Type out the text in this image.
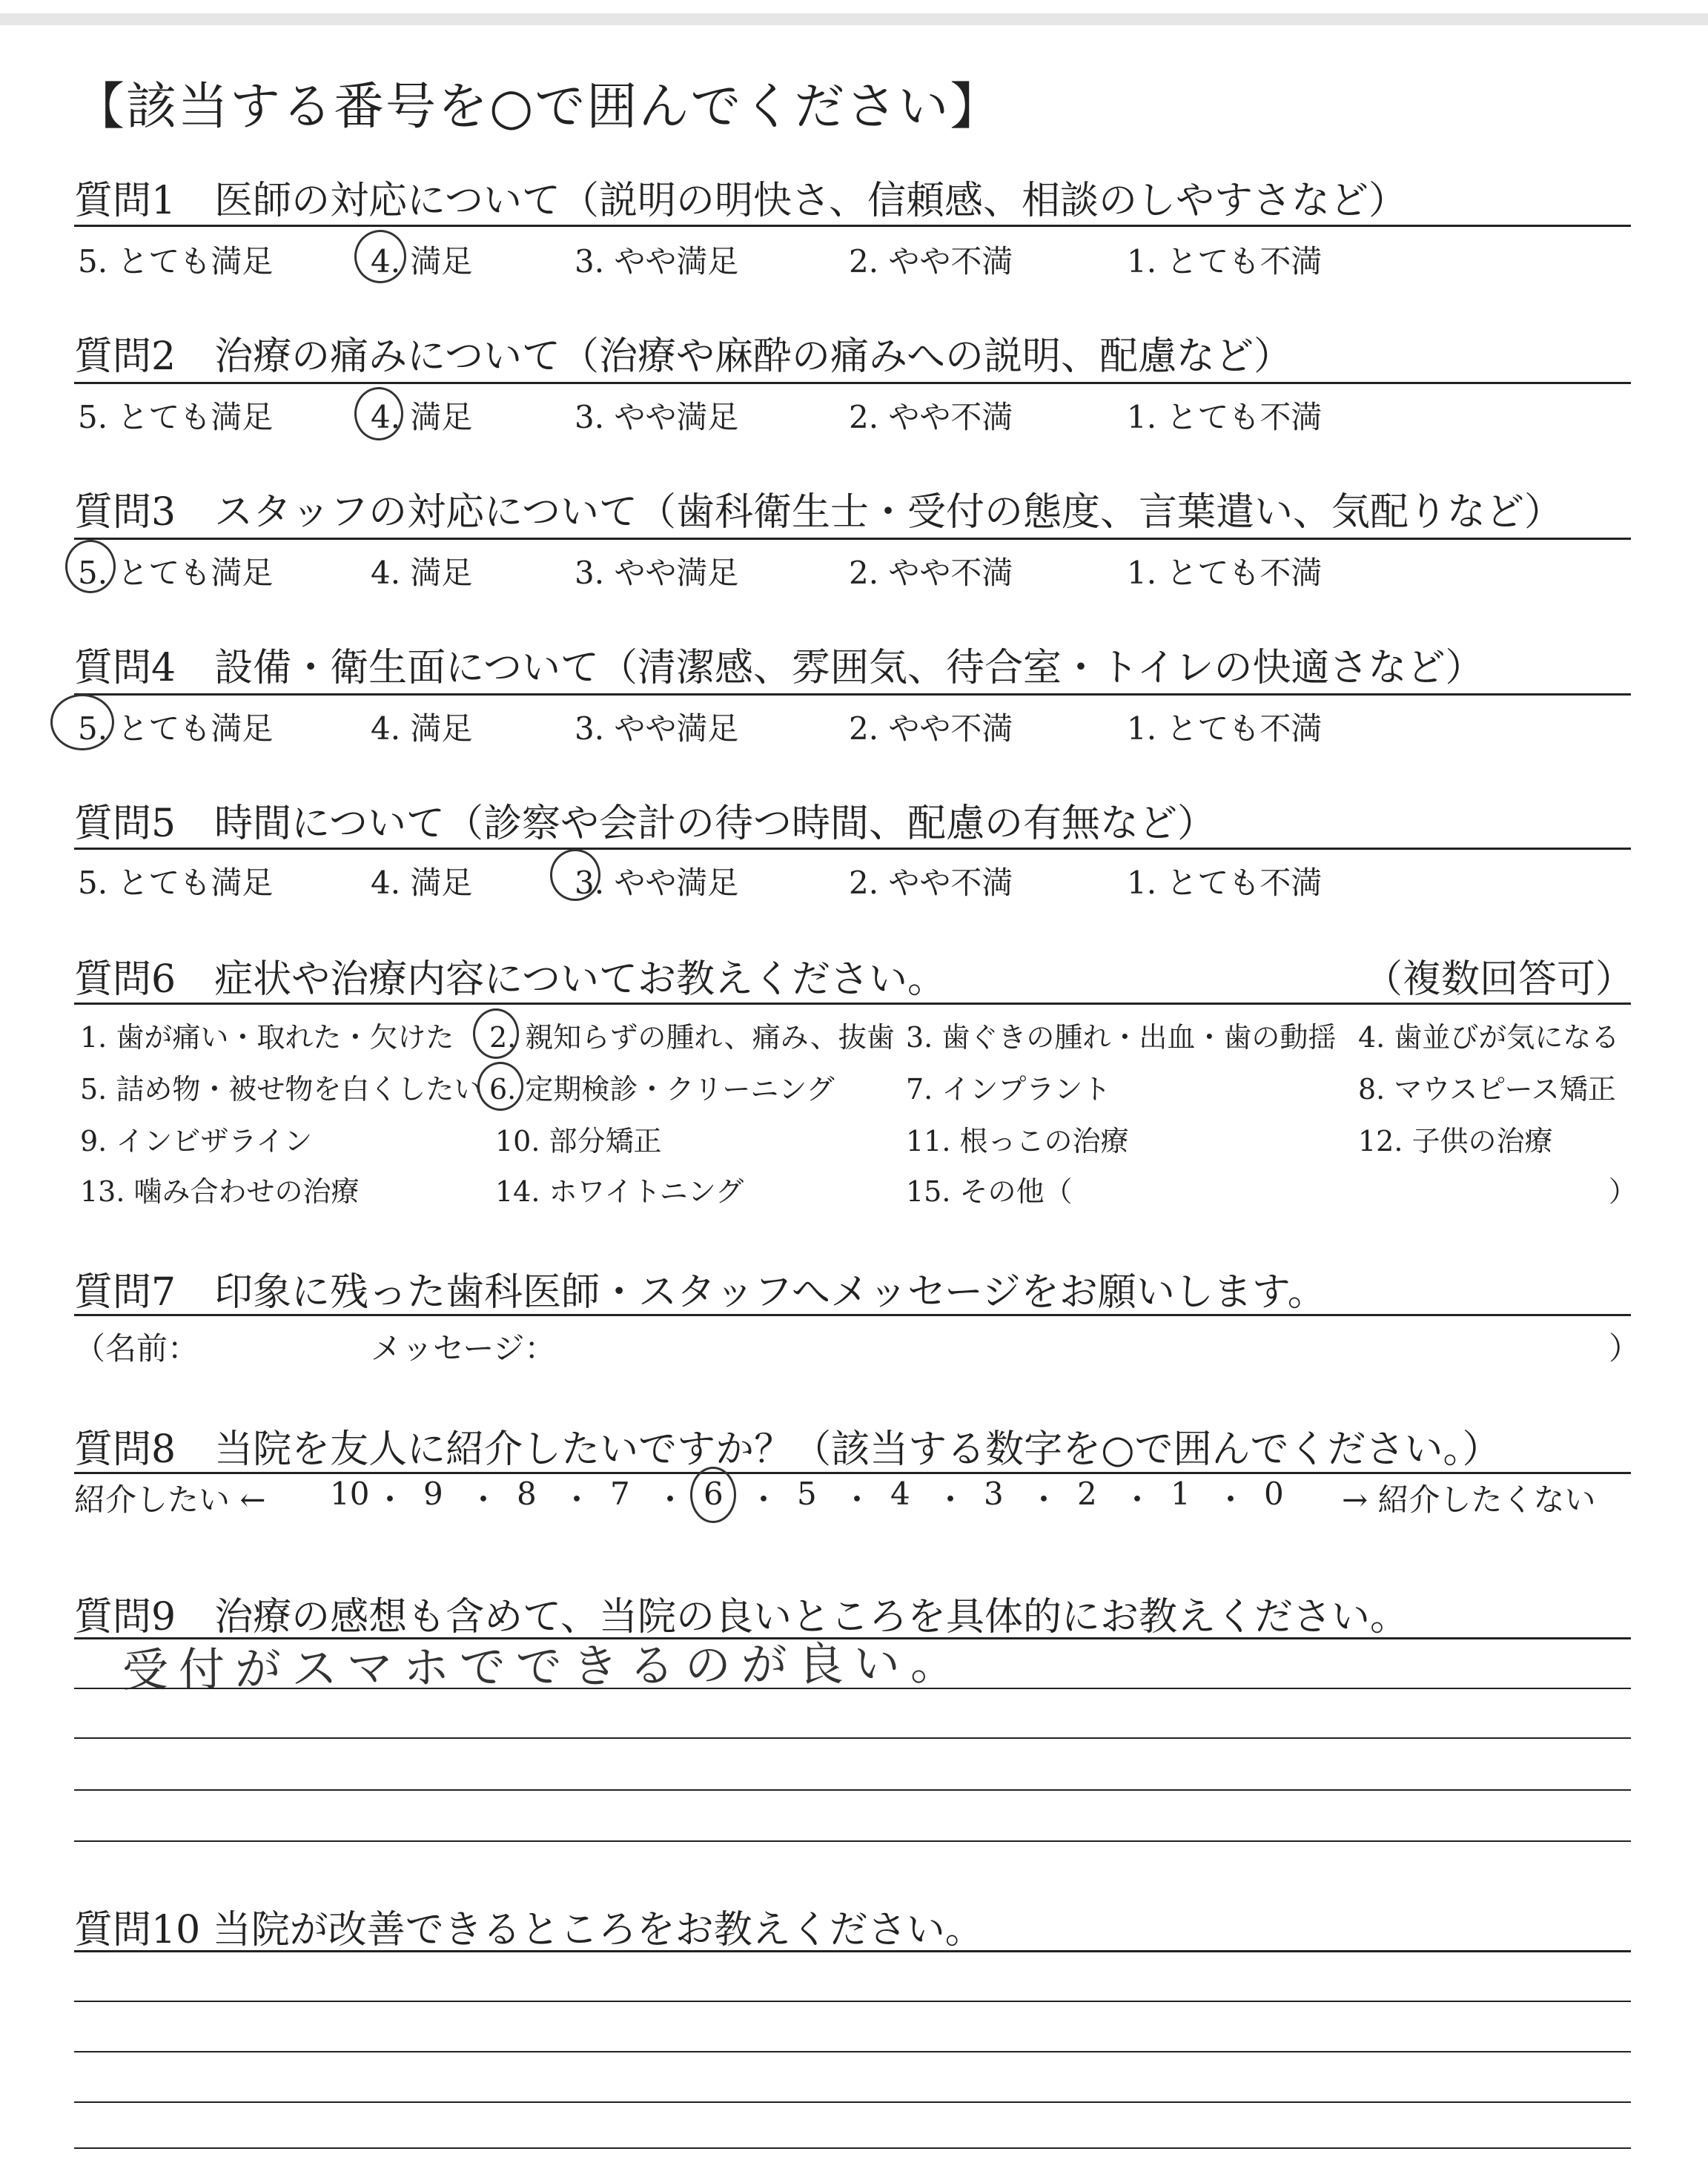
【該当する番号を○で囲んでください】
質問1　医師の対応について（説明の明快さ、信頼感、相談のしやすさなど）
5. とても満足	4. 満足	3. やや満足	2. やや不満	1. とても不満
質問2　治療の痛みについて（治療や麻酔の痛みへの説明、配慮など）
5. とても満足	4. 満足	3. やや満足	2. やや不満	1. とても不満
質問3　スタッフの対応について（歯科衛生士・受付の態度、言葉遣い、気配りなど）
5. とても満足	4. 満足	3. やや満足	2. やや不満	1. とても不満
質問4　設備・衛生面について（清潔感、雰囲気、待合室・トイレの快適さなど）
5. とても満足	4. 満足	3. やや満足	2. やや不満	1. とても不満
質問5　時間について（診察や会計の待つ時間、配慮の有無など）
5. とても満足	4. 満足	3. やや満足	2. やや不満	1. とても不満
質問6　症状や治療内容についてお教えください。	（複数回答可）
1. 歯が痛い・取れた・欠けた 2. 親知らずの腫れ、痛み、抜歯 3. 歯ぐきの腫れ・出血・歯の動揺 4. 歯並びが気になる
5. 詰め物・被せ物を白くしたい 6. 定期検診・クリーニング	7. インプラント	8. マウスピース矯正
9. インビザライン	10. 部分矯正	11. 根っこの治療	12. 子供の治療
13. 噛み合わせの治療	14. ホワイトニング	15. その他（	）
質問7　印象に残った歯科医師・スタッフへメッセージをお願いします。
（名前：	メッセージ：	）
質問8　当院を友人に紹介したいですか？（該当する数字を○で囲んでください。）
紹介したい ←	→ 紹介したくない
10 ・ 9 ・ 8 ・ 7 ・ 6 ・ 5 ・ 4 ・ 3 ・ 2 ・ 1 ・ 0
質問9　治療の感想も含めて、当院の良いところを具体的にお教えください。
受付がスマホでできるのが良い。
質問10 当院が改善できるところをお教えください。
